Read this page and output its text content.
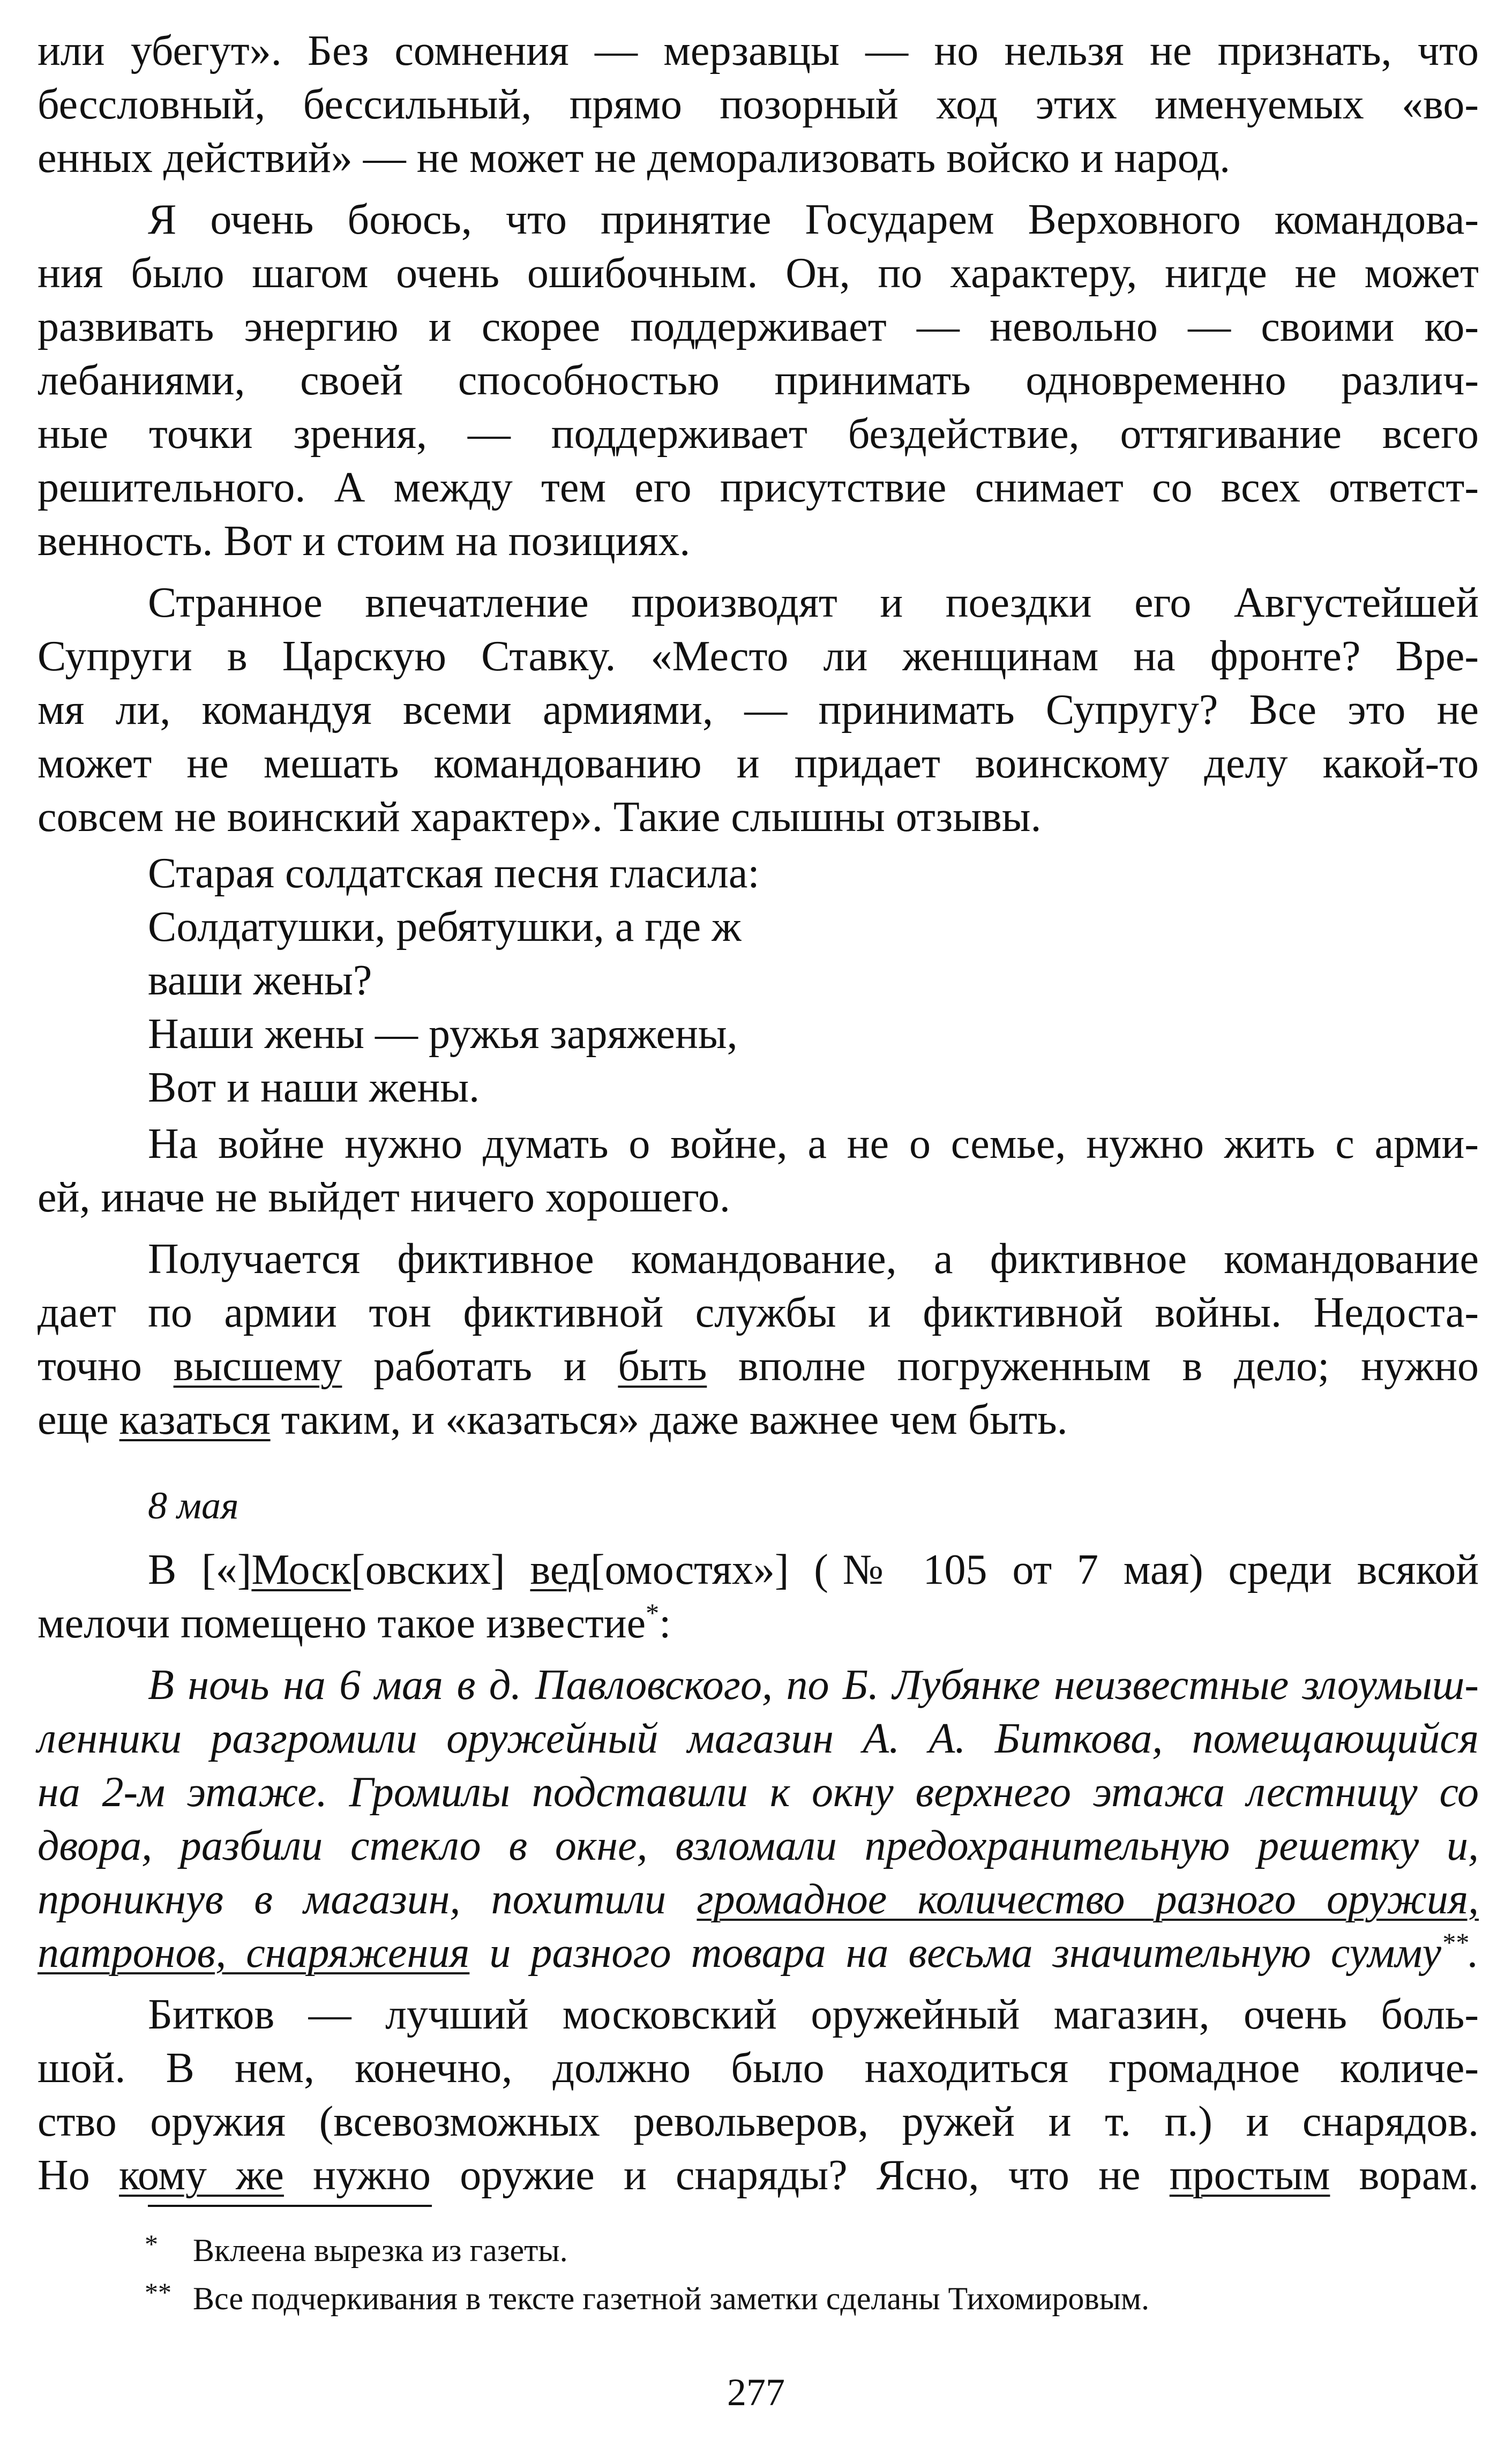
или убегут». Без сомнения — мерзавцы — но нельзя не признать, что
бессловный, бессильный, прямо позорный ход этих именуемых «во-
енных действий» — не может не деморализовать войско и народ.
Я очень боюсь, что принятие Государем Верховного командова-
ния было шагом очень ошибочным. Он, по характеру, нигде не может
развивать энергию и скорее поддерживает — невольно — своими ко-
лебаниями, своей способностью принимать одновременно различ-
ные точки зрения, — поддерживает бездействие, оттягивание всего
решительного. А между тем его присутствие снимает со всех ответст-
венность. Вот и стоим на позициях.
Странное впечатление производят и поездки его Августейшей
Супруги в Царскую Ставку. «Место ли женщинам на фронте? Вре-
мя ли, командуя всеми армиями, — принимать Супругу? Все это не
может не мешать командованию и придает воинскому делу какой-то
совсем не воинский характер». Такие слышны отзывы.
Старая солдатская песня гласила:
Солдатушки, ребятушки, а где ж
ваши жены?
Наши жены — ружья заряжены,
Вот и наши жены.
На войне нужно думать о войне, а не о семье, нужно жить с арми-
ей, иначе не выйдет ничего хорошего.
Получается фиктивное командование, а фиктивное командование
дает по армии тон фиктивной службы и фиктивной войны. Недоста-
точно высшему работать и быть вполне погруженным в дело; нужно
еще казаться таким, и «казаться» даже важнее чем быть.
8 мая
В [«]Моск[овских] вед[омостях»] (№ 105 от 7 мая) среди всякой
мелочи помещено такое известие*:
В ночь на 6 мая в д. Павловского, по Б. Лубянке неизвестные злоумыш-
ленники разгромили оружейный магазин А. А. Биткова, помещающийся
на 2-м этаже. Громилы подставили к окну верхнего этажа лестницу со
двора, разбили стекло в окне, взломали предохранительную решетку и,
проникнув в магазин, похитили громадное количество разного оружия,
патронов, снаряжения и разного товара на весьма значительную сумму**.
Битков — лучший московский оружейный магазин, очень боль-
шой. В нем, конечно, должно было находиться громадное количе-
ство оружия (всевозможных револьверов, ружей и т. п.) и снарядов.
Но кому же нужно оружие и снаряды? Ясно, что не простым ворам.
* Вклеена вырезка из газеты.
** Все подчеркивания в тексте газетной заметки сделаны Тихомировым.
277
